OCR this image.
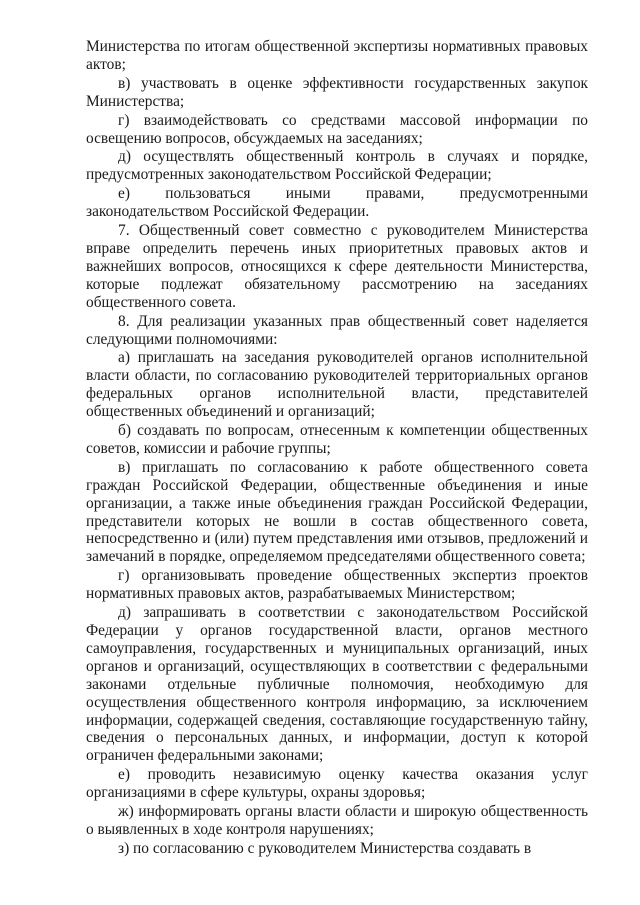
Министерства по итогам общественной экспертизы нормативных правовых актов;

в) участвовать в оценке эффективности государственных закупок Министерства;

г) взаимодействовать со средствами массовой информации по освещению вопросов, обсуждаемых на заседаниях;

д) осуществлять общественный контроль в случаях и порядке, предусмотренных законодательством Российской Федерации;

е) пользоваться иными правами, предусмотренными законодательством Российской Федерации.

7. Общественный совет совместно с руководителем Министерства вправе определить перечень иных приоритетных правовых актов и важнейших вопросов, относящихся к сфере деятельности Министерства, которые подлежат обязательному рассмотрению на заседаниях общественного совета.

8. Для реализации указанных прав общественный совет наделяется следующими полномочиями:

а) приглашать на заседания руководителей органов исполнительной власти области, по согласованию руководителей территориальных органов федеральных органов исполнительной власти, представителей общественных объединений и организаций;

б) создавать по вопросам, отнесенным к компетенции общественных советов, комиссии и рабочие группы;

в) приглашать по согласованию к работе общественного совета граждан Российской Федерации, общественные объединения и иные организации, а также иные объединения граждан Российской Федерации, представители которых не вошли в состав общественного совета, непосредственно и (или) путем представления ими отзывов, предложений и замечаний в порядке, определяемом председателями общественного совета;

г) организовывать проведение общественных экспертиз проектов нормативных правовых актов, разрабатываемых Министерством;

д) запрашивать в соответствии с законодательством Российской Федерации у органов государственной власти, органов местного самоуправления, государственных и муниципальных организаций, иных органов и организаций, осуществляющих в соответствии с федеральными законами отдельные публичные полномочия, необходимую для осуществления общественного контроля информацию, за исключением информации, содержащей сведения, составляющие государственную тайну, сведения о персональных данных, и информации, доступ к которой ограничен федеральными законами;

е) проводить независимую оценку качества оказания услуг организациями в сфере культуры, охраны здоровья;

ж) информировать органы власти области и широкую общественность о выявленных в ходе контроля нарушениях;

з) по согласованию с руководителем Министерства создавать в
